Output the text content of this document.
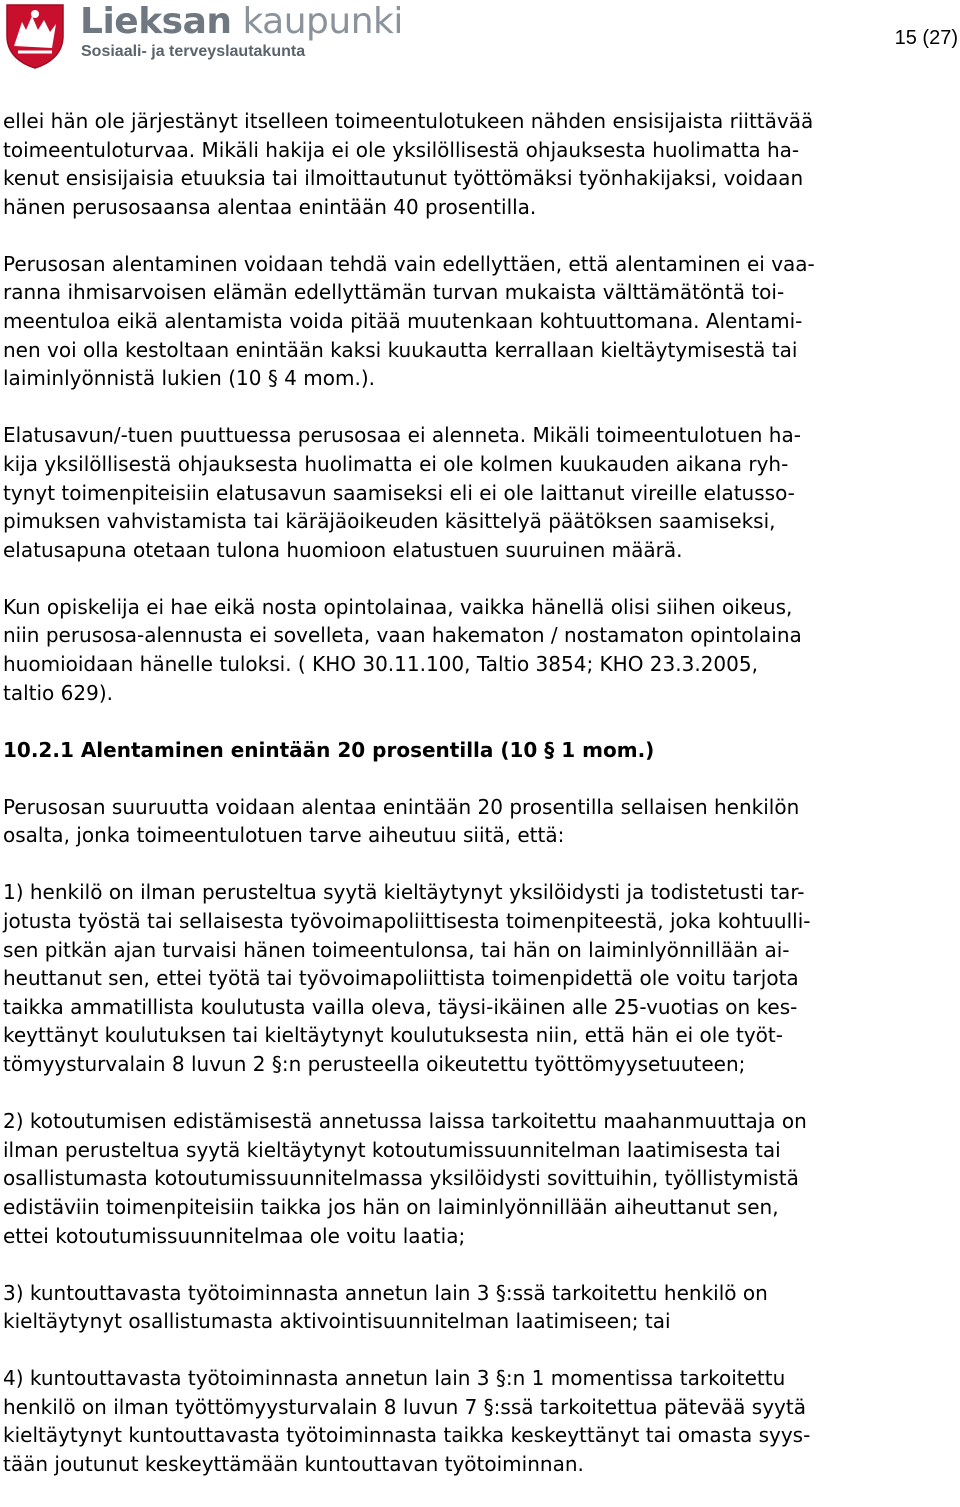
Lieksan kaupunki
Sosiaali- ja terveyslautakunta
15 (27)
ellei hän ole järjestänyt itselleen toimeentulotukeen nähden ensisijaista riittävää
toimeentuloturvaa. Mikäli hakija ei ole yksilöllisestä ohjauksesta huolimatta ha-
kenut ensisijaisia etuuksia tai ilmoittautunut työttömäksi työnhakijaksi, voidaan
hänen perusosaansa alentaa enintään 40 prosentilla.
Perusosan alentaminen voidaan tehdä vain edellyttäen, että alentaminen ei vaa-
ranna ihmisarvoisen elämän edellyttämän turvan mukaista välttämätöntä toi-
meentuloa eikä alentamista voida pitää muutenkaan kohtuuttomana. Alentami-
nen voi olla kestoltaan enintään kaksi kuukautta kerrallaan kieltäytymisestä tai
laiminlyönnistä lukien (10 § 4 mom.).
Elatusavun/-tuen puuttuessa perusosaa ei alenneta. Mikäli toimeentulotuen ha-
kija yksilöllisestä ohjauksesta huolimatta ei ole kolmen kuukauden aikana ryh-
tynyt toimenpiteisiin elatusavun saamiseksi eli ei ole laittanut vireille elatusso-
pimuksen vahvistamista tai käräjäoikeuden käsittelyä päätöksen saamiseksi,
elatusapuna otetaan tulona huomioon elatustuen suuruinen määrä.
Kun opiskelija ei hae eikä nosta opintolainaa, vaikka hänellä olisi siihen oikeus,
niin perusosa-alennusta ei sovelleta, vaan hakematon / nostamaton opintolaina
huomioidaan hänelle tuloksi. ( KHO 30.11.100, Taltio 3854; KHO 23.3.2005,
taltio 629).
10.2.1 Alentaminen enintään 20 prosentilla (10 § 1 mom.)
Perusosan suuruutta voidaan alentaa enintään 20 prosentilla sellaisen henkilön
osalta, jonka toimeentulotuen tarve aiheutuu siitä, että:
1) henkilö on ilman perusteltua syytä kieltäytynyt yksilöidysti ja todistetusti tar-
jotusta työstä tai sellaisesta työvoimapoliittisesta toimenpiteestä, joka kohtuulli-
sen pitkän ajan turvaisi hänen toimeentulonsa, tai hän on laiminlyönnillään ai-
heuttanut sen, ettei työtä tai työvoimapoliittista toimenpidettä ole voitu tarjota
taikka ammatillista koulutusta vailla oleva, täysi-ikäinen alle 25-vuotias on kes-
keyttänyt koulutuksen tai kieltäytynyt koulutuksesta niin, että hän ei ole työt-
tömyysturvalain 8 luvun 2 §:n perusteella oikeutettu työttömyysetuuteen;
2) kotoutumisen edistämisestä annetussa laissa tarkoitettu maahanmuuttaja on
ilman perusteltua syytä kieltäytynyt kotoutumissuunnitelman laatimisesta tai
osallistumasta kotoutumissuunnitelmassa yksilöidysti sovittuihin, työllistymistä
edistäviin toimenpiteisiin taikka jos hän on laiminlyönnillään aiheuttanut sen,
ettei kotoutumissuunnitelmaa ole voitu laatia;
3) kuntouttavasta työtoiminnasta annetun lain 3 §:ssä tarkoitettu henkilö on
kieltäytynyt osallistumasta aktivointisuunnitelman laatimiseen; tai
4) kuntouttavasta työtoiminnasta annetun lain 3 §:n 1 momentissa tarkoitettu
henkilö on ilman työttömyysturvalain 8 luvun 7 §:ssä tarkoitettua pätevää syytä
kieltäytynyt kuntouttavasta työtoiminnasta taikka keskeyttänyt tai omasta syys-
tään joutunut keskeyttämään kuntouttavan työtoiminnan.
